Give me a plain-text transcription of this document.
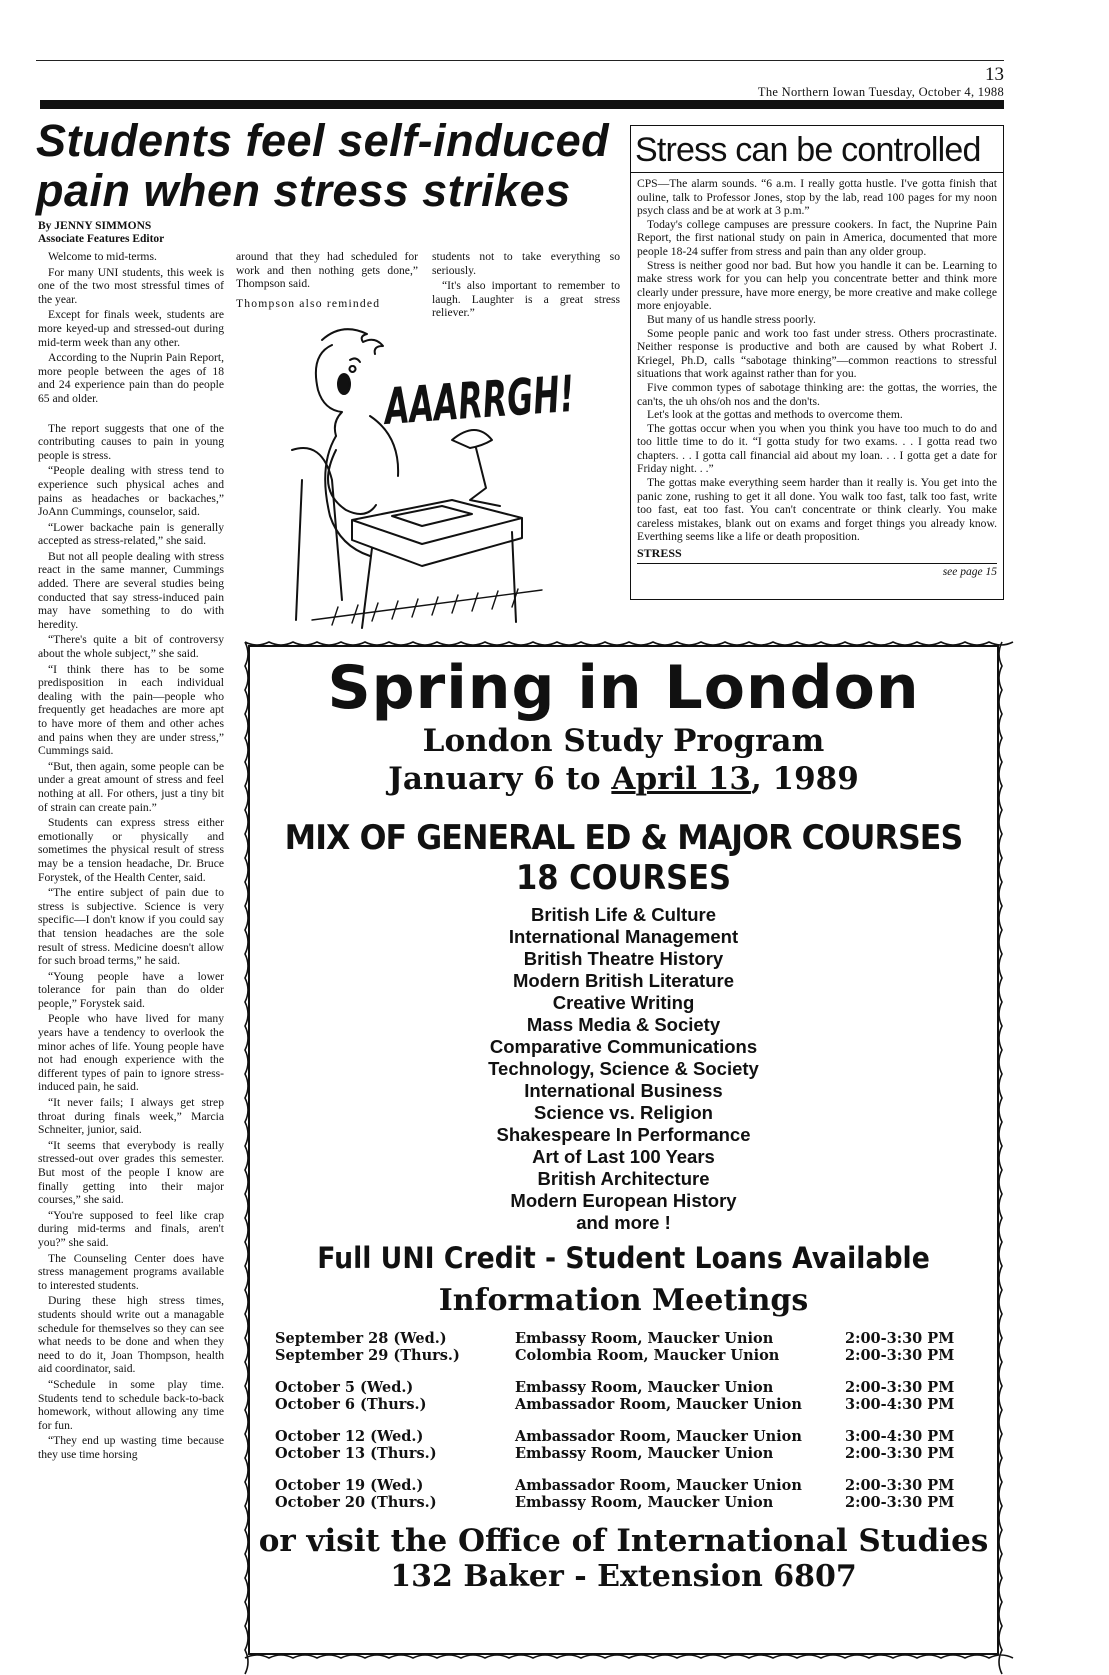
13
The Northern Iowan Tuesday, October 4, 1988
Students feel self-induced pain when stress strikes
By JENNY SIMMONS
Associate Features Editor

Welcome to mid-terms.

For many UNI students, this week is one of the two most stressful times of the year.

Except for finals week, students are more keyed-up and stressed-out during mid-term week than any other.

According to the Nuprin Pain Report, more people between the ages of 18 and 24 experience pain than do people 65 and older.

The report suggests that one of the contributing causes to pain in young people is stress.

“People dealing with stress tend to experience such physical aches and pains as headaches or backaches,” JoAnn Cummings, counselor, said.

“Lower backache pain is generally accepted as stress-related,” she said.

But not all people dealing with stress react in the same manner, Cummings added. There are several studies being conducted that say stress-induced pain may have something to do with heredity.

“There's quite a bit of controversy about the whole subject,” she said.

“I think there has to be some predisposition in each individual dealing with the pain—people who frequently get headaches are more apt to have more of them and other aches and pains when they are under stress,” Cummings said.

“But, then again, some people can be under a great amount of stress and feel nothing at all. For others, just a tiny bit of strain can create pain.”

Students can express stress either emotionally or physically and sometimes the physical result of stress may be a tension headache, Dr. Bruce Forystek, of the Health Center, said.

“The entire subject of pain due to stress is subjective. Science is very specific—I don't know if you could say that tension headaches are the sole result of stress. Medicine doesn't allow for such broad terms,” he said.

“Young people have a lower tolerance for pain than do older people,” Forystek said.

People who have lived for many years have a tendency to overlook the minor aches of life. Young people have not had enough experience with the different types of pain to ignore stress-induced pain, he said.

“It never fails; I always get strep throat during finals week,” Marcia Schneiter, junior, said.

“It seems that everybody is really stressed-out over grades this semester. But most of the people I know are finally getting into their major courses,” she said.

“You're supposed to feel like crap during mid-terms and finals, aren't you?” she said.

The Counseling Center does have stress management programs available to interested students.

During these high stress times, students should write out a managable schedule for themselves so they can see what needs to be done and when they need to do it, Joan Thompson, health aid coordinator, said.

“Schedule in some play time. Students tend to schedule back-to-back homework, without allowing any time for fun.

“They end up wasting time because they use time horsing

around that they had scheduled for work and then nothing gets done,” Thompson said.

Thompson also reminded

students not to take everything so seriously.

“It's also important to remember to laugh. Laughter is a great stress reliever.”

AAARRGH!
Stress can be controlled

CPS—The alarm sounds. “6 a.m. I really gotta hustle. I've gotta finish that ouline, talk to Professor Jones, stop by the lab, read 100 pages for my noon psych class and be at work at 3 p.m.”

Today's college campuses are pressure cookers. In fact, the Nuprine Pain Report, the first national study on pain in America, documented that more people 18-24 suffer from stress and pain than any older group.

Stress is neither good nor bad. But how you handle it can be. Learning to make stress work for you can help you concentrate better and think more clearly under pressure, have more energy, be more creative and make college more enjoyable.

But many of us handle stress poorly.

Some people panic and work too fast under stress. Others procrastinate. Neither response is productive and both are caused by what Robert J. Kriegel, Ph.D, calls “sabotage thinking”—common reactions to stressful situations that work against rather than for you.

Five common types of sabotage thinking are: the gottas, the worries, the can'ts, the uh ohs/oh nos and the don'ts.

Let's look at the gottas and methods to overcome them.

The gottas occur when you when you think you have too much to do and too little time to do it. “I gotta study for two exams. . . I gotta read two chapters. . . I gotta call financial aid about my loan. . . I gotta get a date for Friday night. . .”

The gottas make everything seem harder than it really is. You get into the panic zone, rushing to get it all done. You walk too fast, talk too fast, write too fast, eat too fast. You can't concentrate or think clearly. You make careless mistakes, blank out on exams and forget things you already know. Everthing seems like a life or death proposition.

STRESS
see page 15
Spring in London
London Study Program
January 6 to April 13, 1989
MIX OF GENERAL ED & MAJOR COURSES
18 COURSES
British Life & Culture
International Management
British Theatre History
Modern British Literature
Creative Writing
Mass Media & Society
Comparative Communications
Technology, Science & Society
International Business
Science vs. Religion
Shakespeare In Performance
Art of Last 100 Years
British Architecture
Modern European History
and more !
Full UNI Credit - Student Loans Available
Information Meetings
September 28 (Wed.)	Embassy Room, Maucker Union	2:00-3:30 PM
September 29 (Thurs.)	Colombia Room, Maucker Union	2:00-3:30 PM
October 5 (Wed.)	Embassy Room, Maucker Union	2:00-3:30 PM
October 6 (Thurs.)	Ambassador Room, Maucker Union	3:00-4:30 PM
October 12 (Wed.)	Ambassador Room, Maucker Union	3:00-4:30 PM
October 13 (Thurs.)	Embassy Room, Maucker Union	2:00-3:30 PM
October 19 (Wed.)	Ambassador Room, Maucker Union	2:00-3:30 PM
October 20 (Thurs.)	Embassy Room, Maucker Union	2:00-3:30 PM
or visit the Office of International Studies
132 Baker - Extension 6807
